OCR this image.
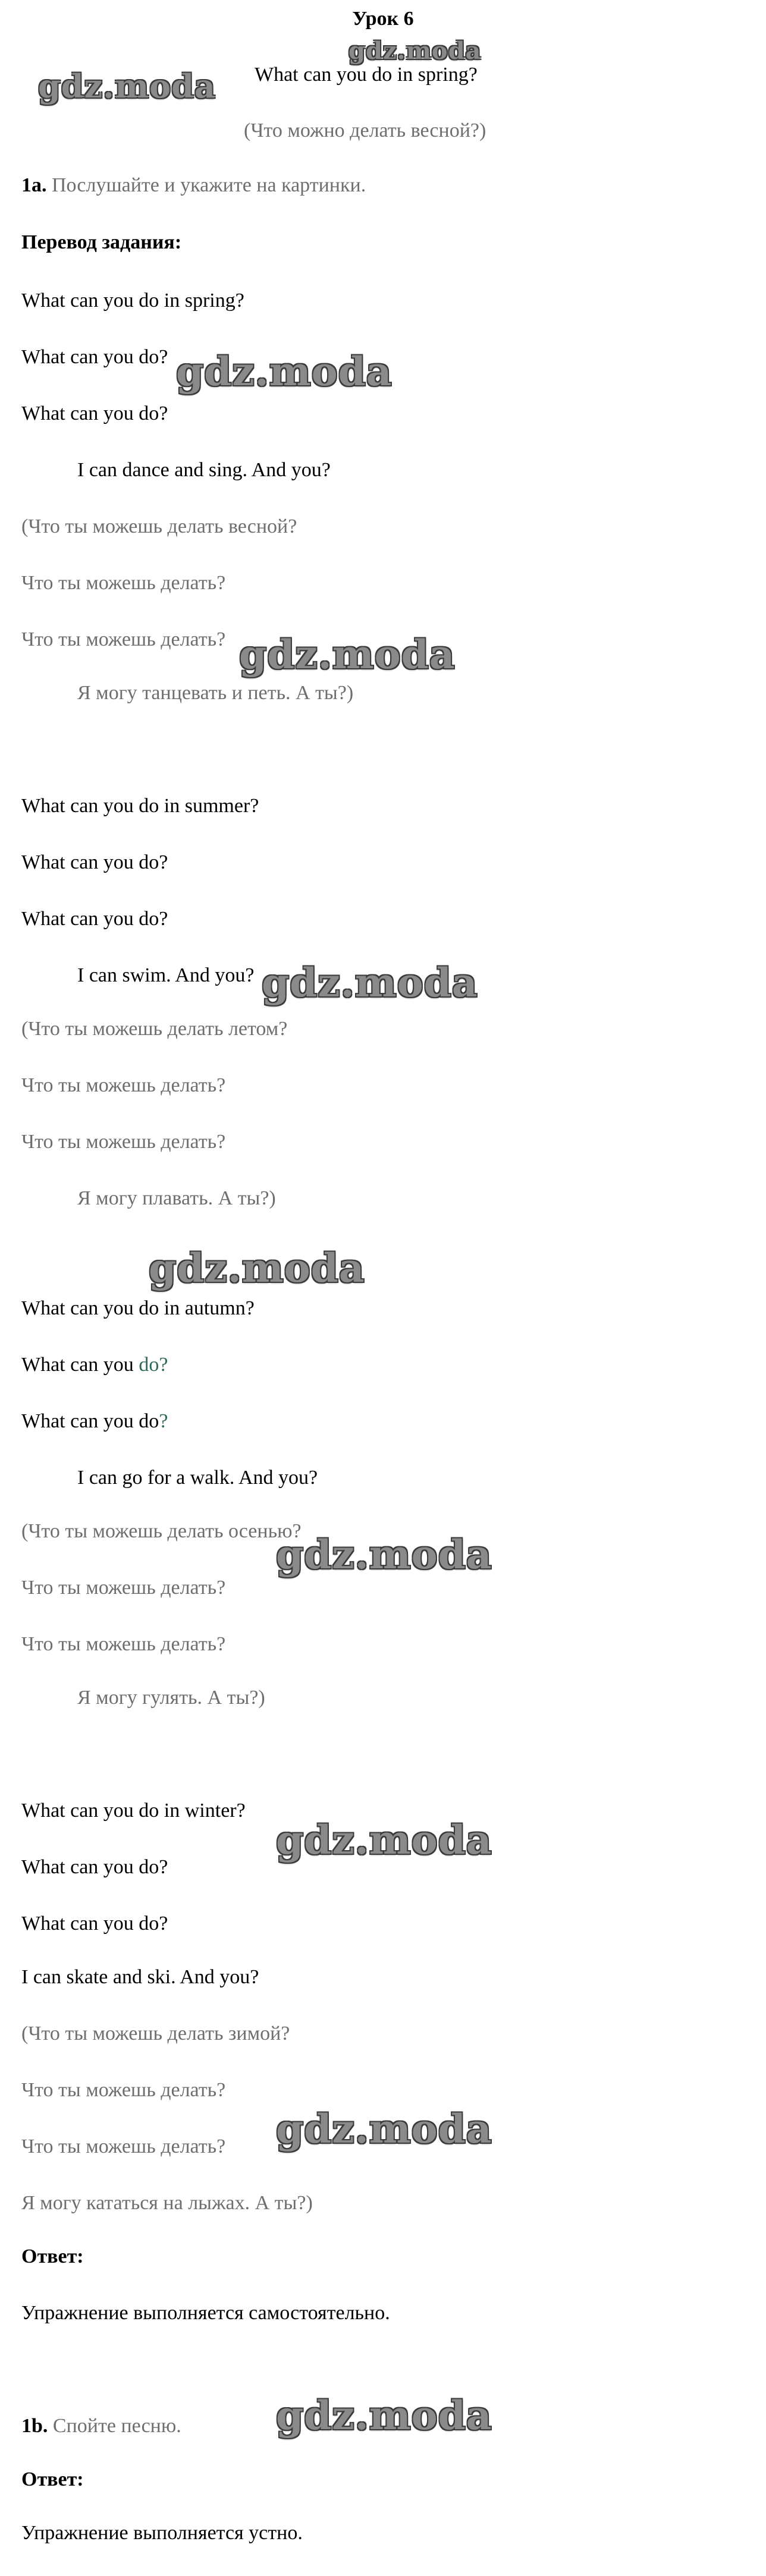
Урок 6
gdz.moda
gdz.moda What can you do in spring?
(Что можно делать весной?)
1a. Послушайте и укажите на картинки.
Перевод задания:
What can you do in spring?
What can you do? gdz.moda
What can you do?
I can dance and sing. And you?
(Что ты можешь делать весной?
Что ты можешь делать?
Что ты можешь делать? gdz.moda
Я могу танцевать и петь. А ты?)
What can you do in summer?
What can you do?
What can you do?
I can swim. And you? gdz.moda
(Что ты можешь делать летом?
Что ты можешь делать?
Что ты можешь делать?
Я могу плавать. А ты?)
gdz.moda
What can you do in autumn?
What can you do?
What can you do?
I can go for a walk. And you?
(Что ты можешь делать осенью?
gdz.moda
Что ты можешь делать?
Что ты можешь делать?
Я могу гулять. А ты?)
What can you do in winter?
What can you do?
gdz.moda
What can you do?
I can skate and ski. And you?
(Что ты можешь делать зимой?
Что ты можешь делать?
Что ты можешь делать? gdz.moda
Я могу кататься на лыжах. А ты?)
Ответ:
Упражнение выполняется самостоятельно.
1b. Спойте песню. gdz.moda
Ответ:
Упражнение выполняется устно.
